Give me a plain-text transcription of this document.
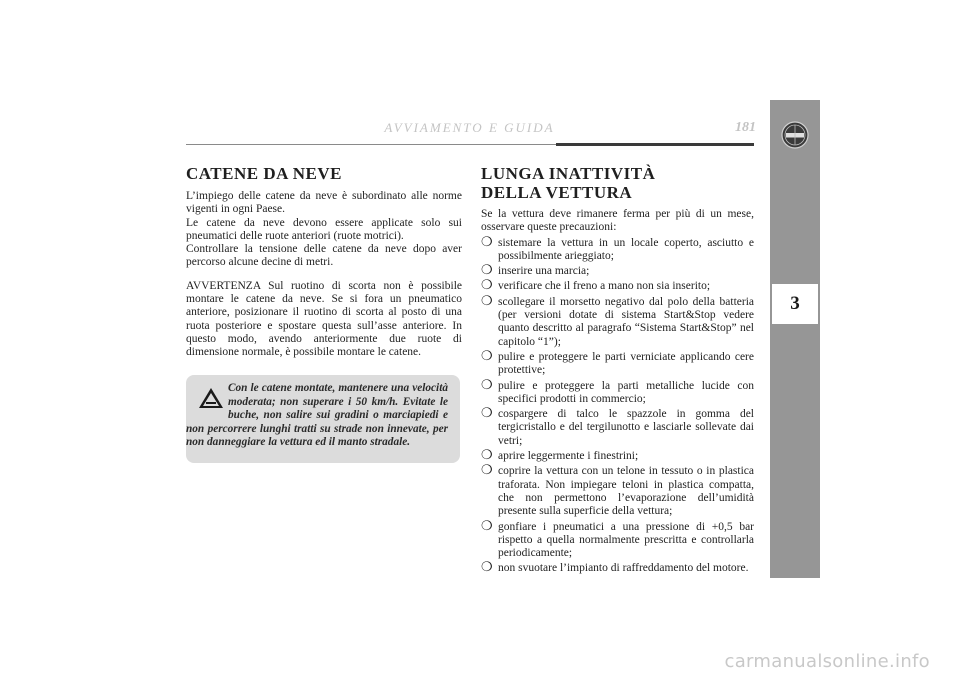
AVVIAMENTO E GUIDA	181
3
CATENE DA NEVE

L’impiego delle catene da neve è subordinato alle norme vigenti in ogni Paese.

Le catene da neve devono essere applicate solo sui pneumatici delle ruote anteriori (ruote motrici).

Controllare la tensione delle catene da neve dopo aver percorso alcune decine di metri.

AVVERTENZA Sul ruotino di scorta non è possibile montare le catene da neve. Se si fora un pneumatico anteriore, posizionare il ruotino di scorta al posto di una ruota posteriore e spostare questa sull’asse anteriore. In questo modo, avendo anteriormente due ruote di dimensione normale, è possibile montare le catene.

Con le catene montate, mantenere una velocità moderata; non superare i 50 km/h. Evitate le buche, non salire sui gradini o marciapiedi e non percorrere lunghi tratti su strade non innevate, per non danneggiare la vettura ed il manto stradale.
LUNGA INATTIVITÀ
DELLA VETTURA

Se la vettura deve rimanere ferma per più di un mese, osservare queste precauzioni:

❍ sistemare la vettura in un locale coperto, asciutto e possibilmente arieggiato;
❍ inserire una marcia;
❍ verificare che il freno a mano non sia inserito;
❍ scollegare il morsetto negativo dal polo della batteria (per versioni dotate di sistema Start&Stop vedere quanto descritto al paragrafo “Sistema Start&Stop” nel capitolo “1”);
❍ pulire e proteggere le parti verniciate applicando cere protettive;
❍ pulire e proteggere la parti metalliche lucide con specifici prodotti in commercio;
❍ cospargere di talco le spazzole in gomma del tergicristallo e del tergilunotto e lasciarle sollevate dai vetri;
❍ aprire leggermente i finestrini;
❍ coprire la vettura con un telone in tessuto o in plastica traforata. Non impiegare teloni in plastica compatta, che non permettono l’evaporazione dell’umidità presente sulla superficie della vettura;
❍ gonfiare i pneumatici a una pressione di +0,5 bar rispetto a quella normalmente prescritta e controllarla periodicamente;
❍ non svuotare l’impianto di raffreddamento del motore.
carmanualsonline.info
